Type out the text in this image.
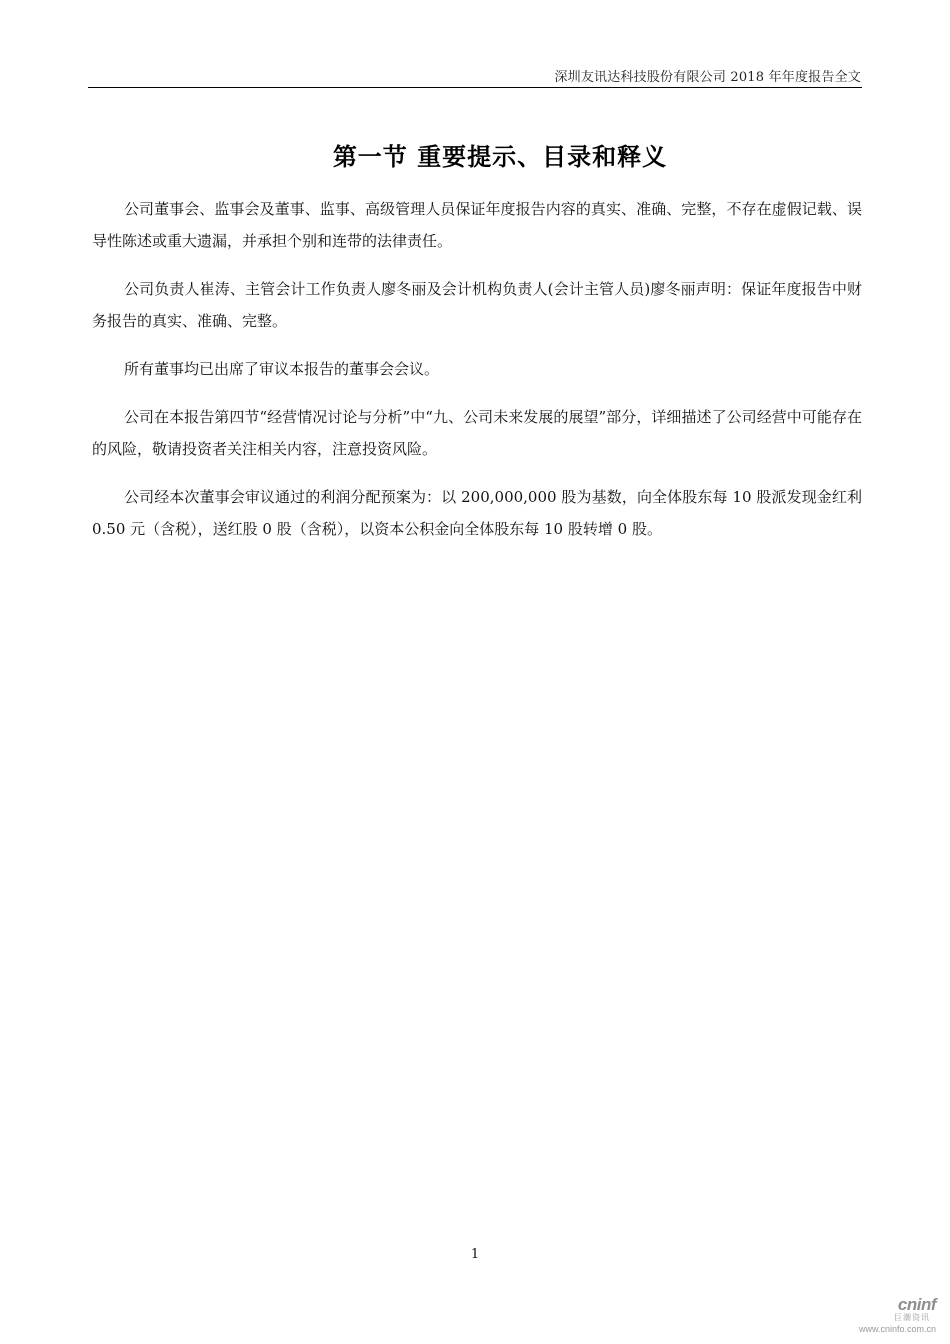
深圳友讯达科技股份有限公司 2018 年年度报告全文
第一节 重要提示、目录和释义

公司董事会、监事会及董事、监事、高级管理人员保证年度报告内容的真实、准确、完整，不存在虚假记载、误导性陈述或重大遗漏，并承担个别和连带的法律责任。

公司负责人崔涛、主管会计工作负责人廖冬丽及会计机构负责人(会计主管人员)廖冬丽声明：保证年度报告中财务报告的真实、准确、完整。

所有董事均已出席了审议本报告的董事会会议。

公司在本报告第四节“经营情况讨论与分析”中“九、公司未来发展的展望”部分，详细描述了公司经营中可能存在的风险，敬请投资者关注相关内容，注意投资风险。

公司经本次董事会审议通过的利润分配预案为：以 200,000,000 股为基数，向全体股东每 10 股派发现金红利 0.50 元（含税），送红股 0 股（含税），以资本公积金向全体股东每 10 股转增 0 股。

1
cninf
巨潮资讯
www.cninfo.com.cn
